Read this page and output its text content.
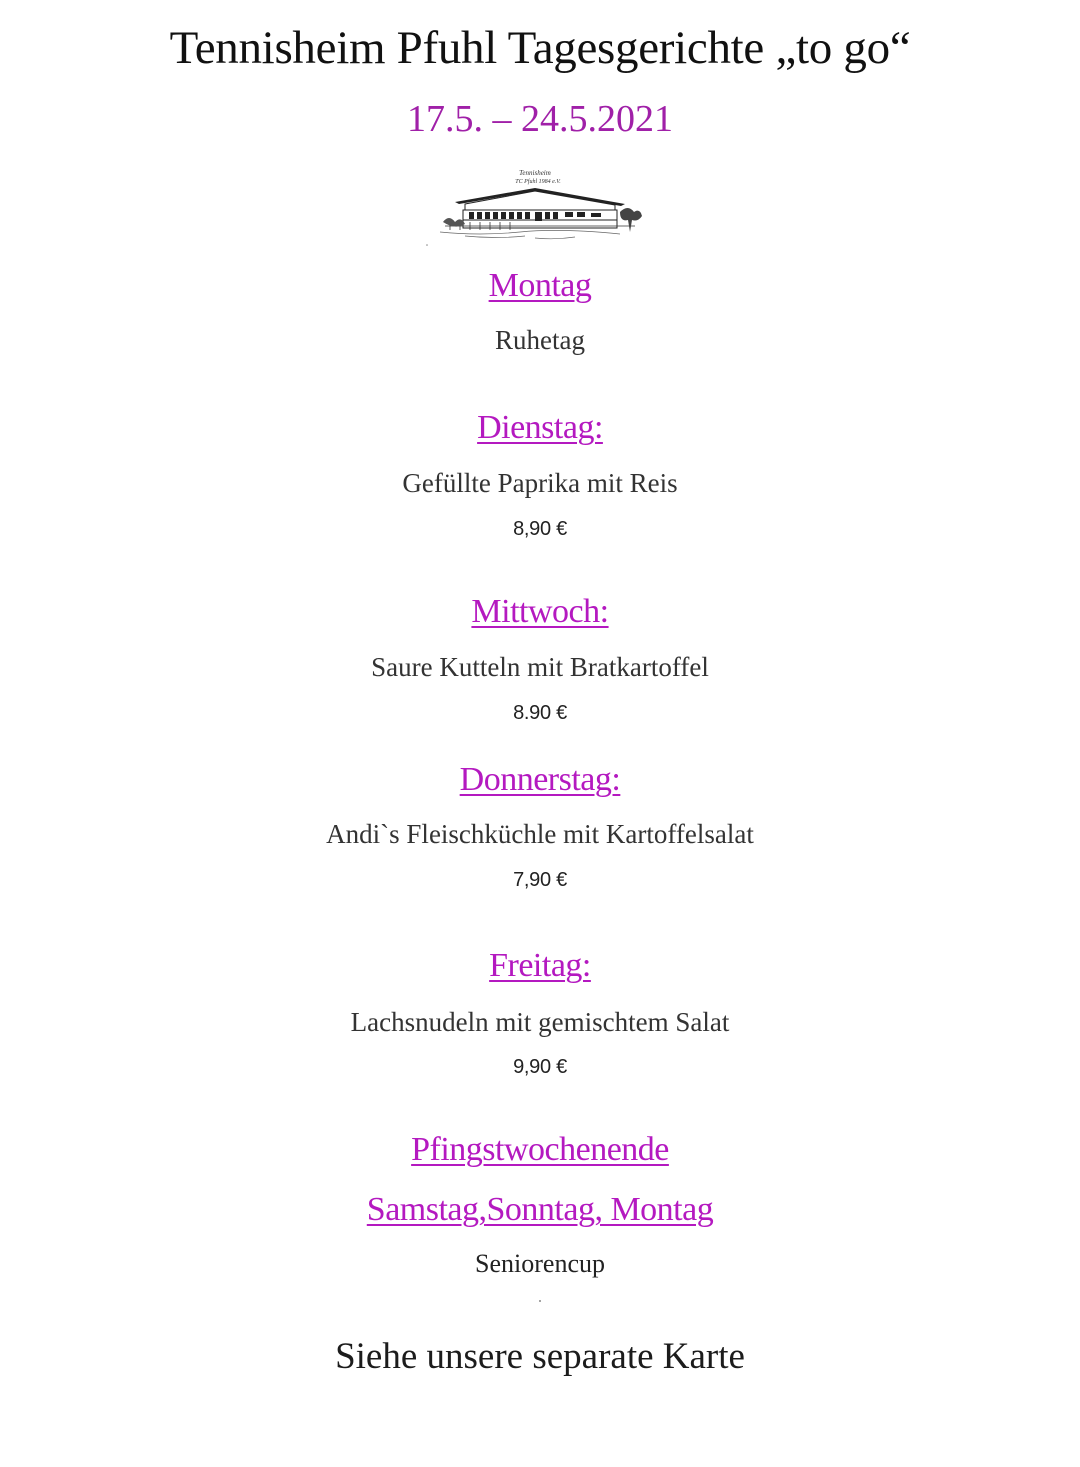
Tennisheim Pfuhl Tagesgerichte „to go“
17.5. – 24.5.2021
Tennisheim
TC Pfuhl 1984 e.V.
Montag
Ruhetag
Dienstag:
Gefüllte Paprika mit Reis
8,90 €
Mittwoch:
Saure Kutteln mit Bratkartoffel
8.90 €
Donnerstag:
Andi`s Fleischküchle mit Kartoffelsalat
7,90 €
Freitag:
Lachsnudeln mit gemischtem Salat
9,90 €
Pfingstwochenende
Samstag,Sonntag, Montag
Seniorencup
Siehe unsere separate Karte
